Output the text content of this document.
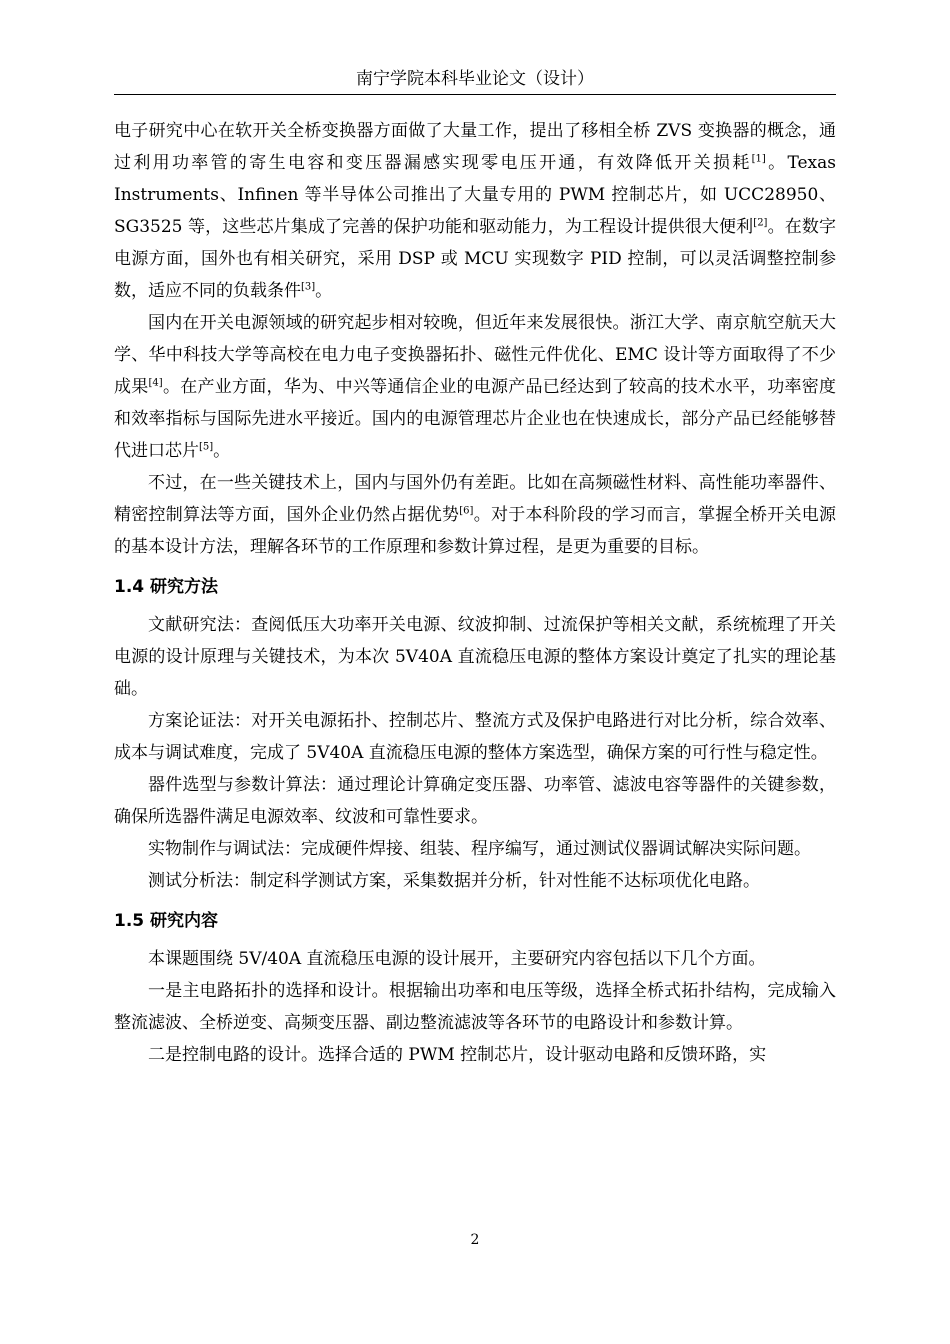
南宁学院本科毕业论文（设计）

电子研究中心在软开关全桥变换器方面做了大量工作，提出了移相全桥 ZVS 变换器的概念，通过利用功率管的寄生电容和变压器漏感实现零电压开通，有效降低开关损耗[1]。Texas Instruments、Infinen 等半导体公司推出了大量专用的 PWM 控制芯片，如 UCC28950、SG3525 等，这些芯片集成了完善的保护功能和驱动能力，为工程设计提供很大便利[2]。在数字电源方面，国外也有相关研究，采用 DSP 或 MCU 实现数字 PID 控制，可以灵活调整控制参数，适应不同的负载条件[3]。

国内在开关电源领域的研究起步相对较晚，但近年来发展很快。浙江大学、南京航空航天大学、华中科技大学等高校在电力电子变换器拓扑、磁性元件优化、EMC 设计等方面取得了不少成果[4]。在产业方面，华为、中兴等通信企业的电源产品已经达到了较高的技术水平，功率密度和效率指标与国际先进水平接近。国内的电源管理芯片企业也在快速成长，部分产品已经能够替代进口芯片[5]。

不过，在一些关键技术上，国内与国外仍有差距。比如在高频磁性材料、高性能功率器件、精密控制算法等方面，国外企业仍然占据优势[6]。对于本科阶段的学习而言，掌握全桥开关电源的基本设计方法，理解各环节的工作原理和参数计算过程，是更为重要的目标。

1.4 研究方法

文献研究法：查阅低压大功率开关电源、纹波抑制、过流保护等相关文献，系统梳理了开关电源的设计原理与关键技术，为本次 5V40A 直流稳压电源的整体方案设计奠定了扎实的理论基础。

方案论证法：对开关电源拓扑、控制芯片、整流方式及保护电路进行对比分析，综合效率、成本与调试难度，完成了 5V40A 直流稳压电源的整体方案选型，确保方案的可行性与稳定性。

器件选型与参数计算法：通过理论计算确定变压器、功率管、滤波电容等器件的关键参数，确保所选器件满足电源效率、纹波和可靠性要求。

实物制作与调试法：完成硬件焊接、组装、程序编写，通过测试仪器调试解决实际问题。

测试分析法：制定科学测试方案，采集数据并分析，针对性能不达标项优化电路。

1.5 研究内容

本课题围绕 5V/40A 直流稳压电源的设计展开，主要研究内容包括以下几个方面。

一是主电路拓扑的选择和设计。根据输出功率和电压等级，选择全桥式拓扑结构，完成输入整流滤波、全桥逆变、高频变压器、副边整流滤波等各环节的电路设计和参数计算。

二是控制电路的设计。选择合适的 PWM 控制芯片，设计驱动电路和反馈环路，实

2
